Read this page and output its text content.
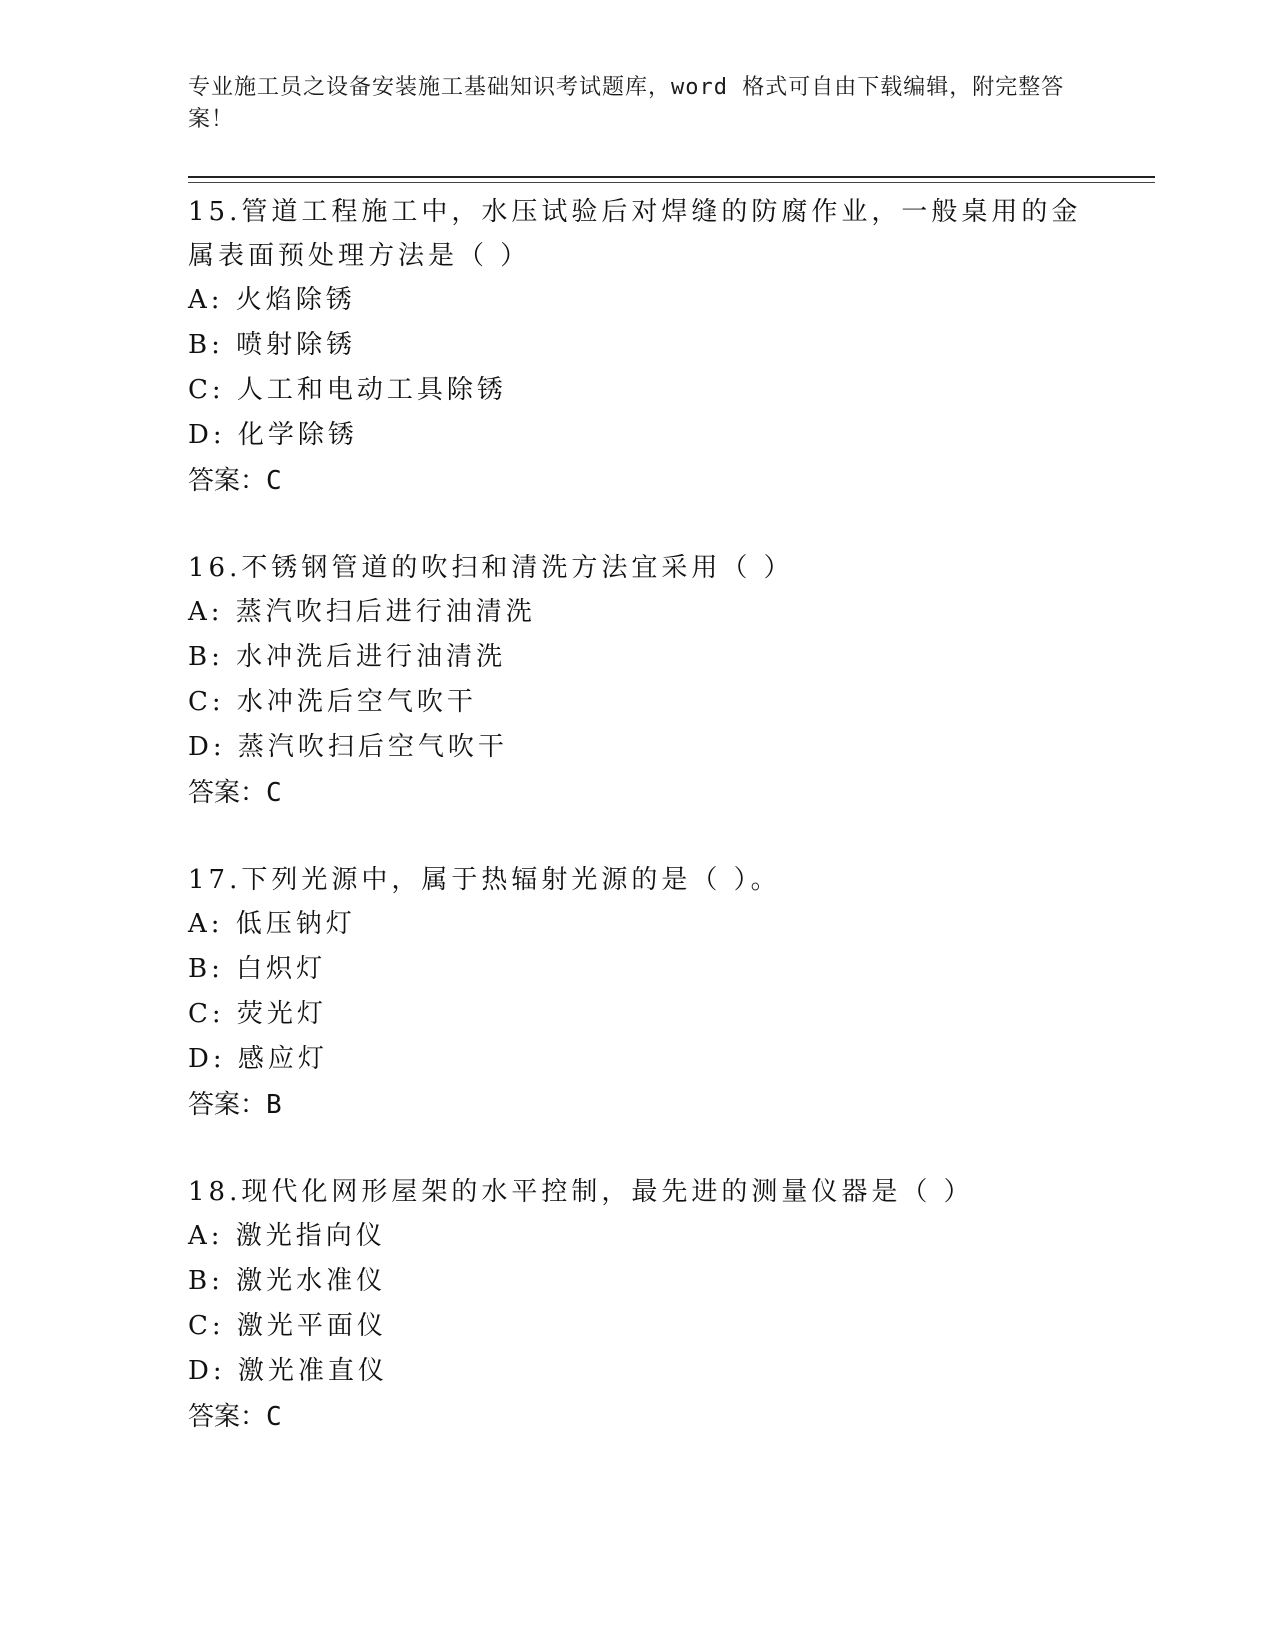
专业施工员之设备安装施工基础知识考试题库，word 格式可自由下载编辑，附完整答案！

15.管道工程施工中，水压试验后对焊缝的防腐作业，一般桌用的金属表面预处理方法是（ ）

A: 火焰除锈

B: 喷射除锈

C: 人工和电动工具除锈

D: 化学除锈

答案：C

16.不锈钢管道的吹扫和清洗方法宜采用（ ）

A: 蒸汽吹扫后进行油清洗

B: 水冲洗后进行油清洗

C: 水冲洗后空气吹干

D: 蒸汽吹扫后空气吹干

答案：C

17.下列光源中，属于热辐射光源的是（ ）。

A: 低压钠灯

B: 白炽灯

C: 荧光灯

D: 感应灯

答案：B

18.现代化网形屋架的水平控制，最先进的测量仪器是（ ）

A: 激光指向仪

B: 激光水准仪

C: 激光平面仪

D: 激光准直仪

答案：C
